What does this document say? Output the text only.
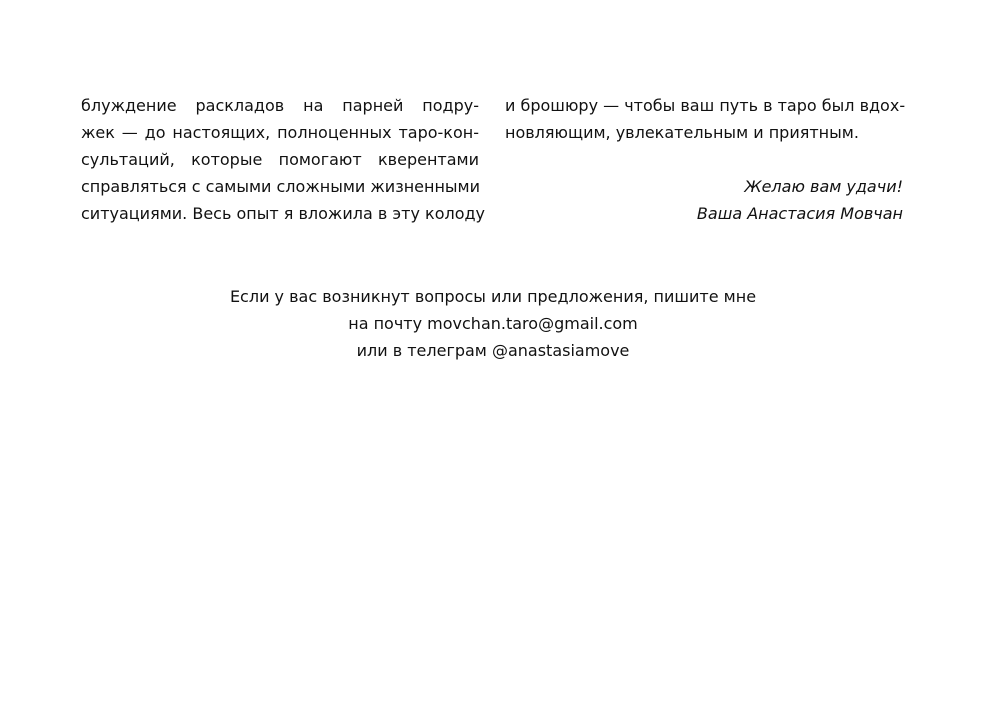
блуждение раскладов на парней подру-
жек — до настоящих, полноценных таро-кон-
сультаций, которые помогают кверентами
справляться с самыми сложными жизненными
ситуациями. Весь опыт я вложила в эту колоду
и брошюру — чтобы ваш путь в таро был вдох-
новляющим, увлекательным и приятным.
Желаю вам удачи!
Ваша Анастасия Мовчан
Если у вас возникнут вопросы или предложения, пишите мне
на почту movchan.taro@gmail.com
или в телеграм @anastasiamove
